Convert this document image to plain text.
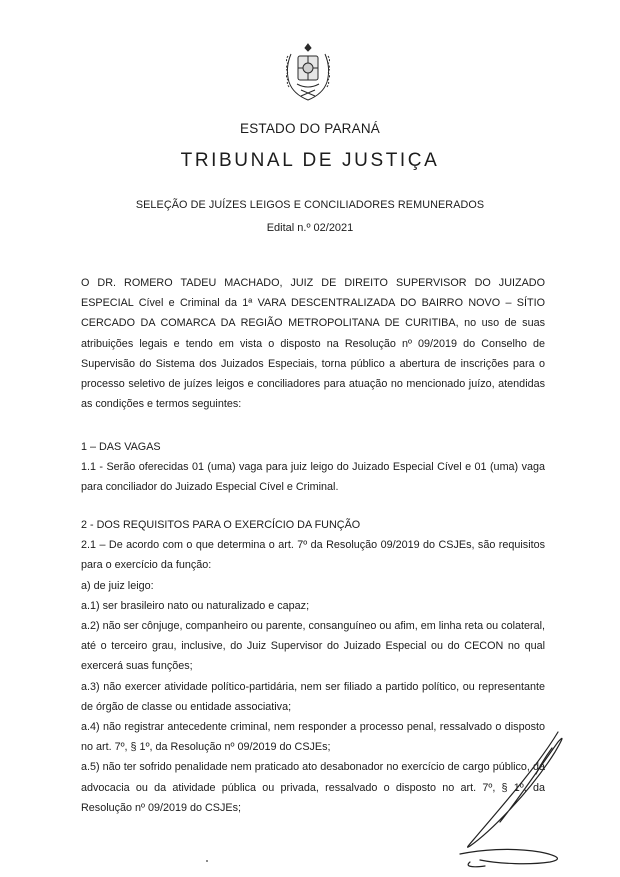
ESTADO DO PARANÁ
TRIBUNAL DE JUSTIÇA
SELEÇÃO DE JUÍZES LEIGOS E CONCILIADORES REMUNERADOS
Edital n.º 02/2021
O DR. ROMERO TADEU MACHADO, JUIZ DE DIREITO SUPERVISOR DO JUIZADO ESPECIAL Cível e Criminal da 1ª VARA DESCENTRALIZADA DO BAIRRO NOVO – SÍTIO CERCADO DA COMARCA DA REGIÃO METROPOLITANA DE CURITIBA, no uso de suas atribuições legais e tendo em vista o disposto na Resolução nº 09/2019 do Conselho de Supervisão do Sistema dos Juizados Especiais, torna público a abertura de inscrições para o processo seletivo de juízes leigos e conciliadores para atuação no mencionado juízo, atendidas as condições e termos seguintes:

1 – DAS VAGAS

1.1 - Serão oferecidas 01 (uma) vaga para juiz leigo do Juizado Especial Cível e 01 (uma) vaga para conciliador do Juizado Especial Cível e Criminal.

2 - DOS REQUISITOS PARA O EXERCÍCIO DA FUNÇÃO

2.1 – De acordo com o que determina o art. 7º da Resolução 09/2019 do CSJEs, são requisitos para o exercício da função:

a) de juiz leigo:

a.1) ser brasileiro nato ou naturalizado e capaz;

a.2) não ser cônjuge, companheiro ou parente, consanguíneo ou afim, em linha reta ou colateral, até o terceiro grau, inclusive, do Juiz Supervisor do Juizado Especial ou do CECON no qual exercerá suas funções;

a.3) não exercer atividade político-partidária, nem ser filiado a partido político, ou representante de órgão de classe ou entidade associativa;

a.4) não registrar antecedente criminal, nem responder a processo penal, ressalvado o disposto no art. 7º, § 1º, da Resolução nº 09/2019 do CSJEs;

a.5) não ter sofrido penalidade nem praticado ato desabonador no exercício de cargo público, da advocacia ou da atividade pública ou privada, ressalvado o disposto no art. 7º, § 1º, da Resolução nº 09/2019 do CSJEs;
